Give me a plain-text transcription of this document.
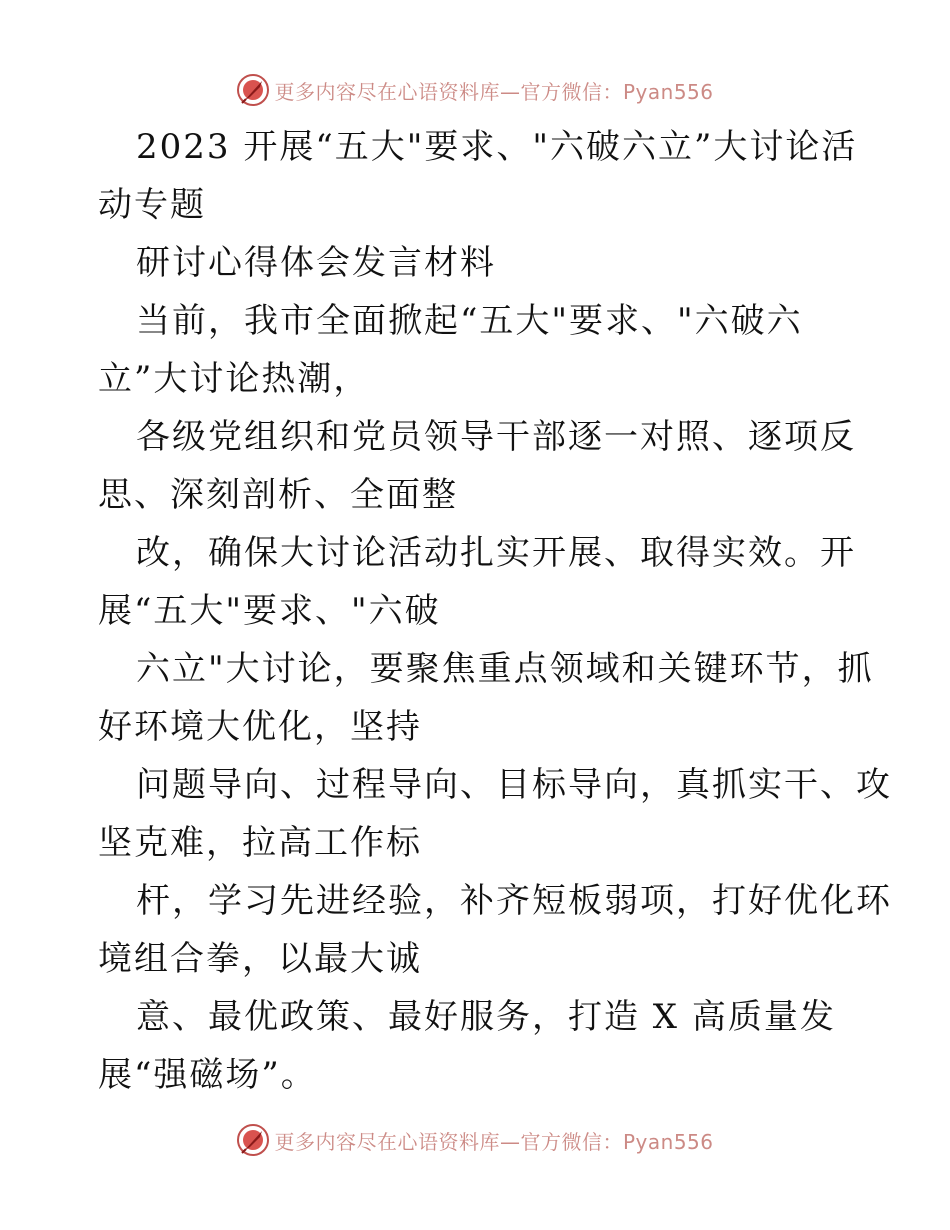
更多内容尽在心语资料库—官方微信：Pyan556
2023 开展“五大"要求、"六破六立”大讨论活
动专题
研讨心得体会发言材料
当前，我市全面掀起“五大"要求、"六破六
立”大讨论热潮，
各级党组织和党员领导干部逐一对照、逐项反
思、深刻剖析、全面整
改，确保大讨论活动扎实开展、取得实效。开
展“五大"要求、"六破
六立"大讨论，要聚焦重点领域和关键环节，抓
好环境大优化，坚持
问题导向、过程导向、目标导向，真抓实干、攻
坚克难，拉高工作标
杆，学习先进经验，补齐短板弱项，打好优化环
境组合拳，以最大诚
意、最优政策、最好服务，打造 X 高质量发
展“强磁场”。
更多内容尽在心语资料库—官方微信：Pyan556
